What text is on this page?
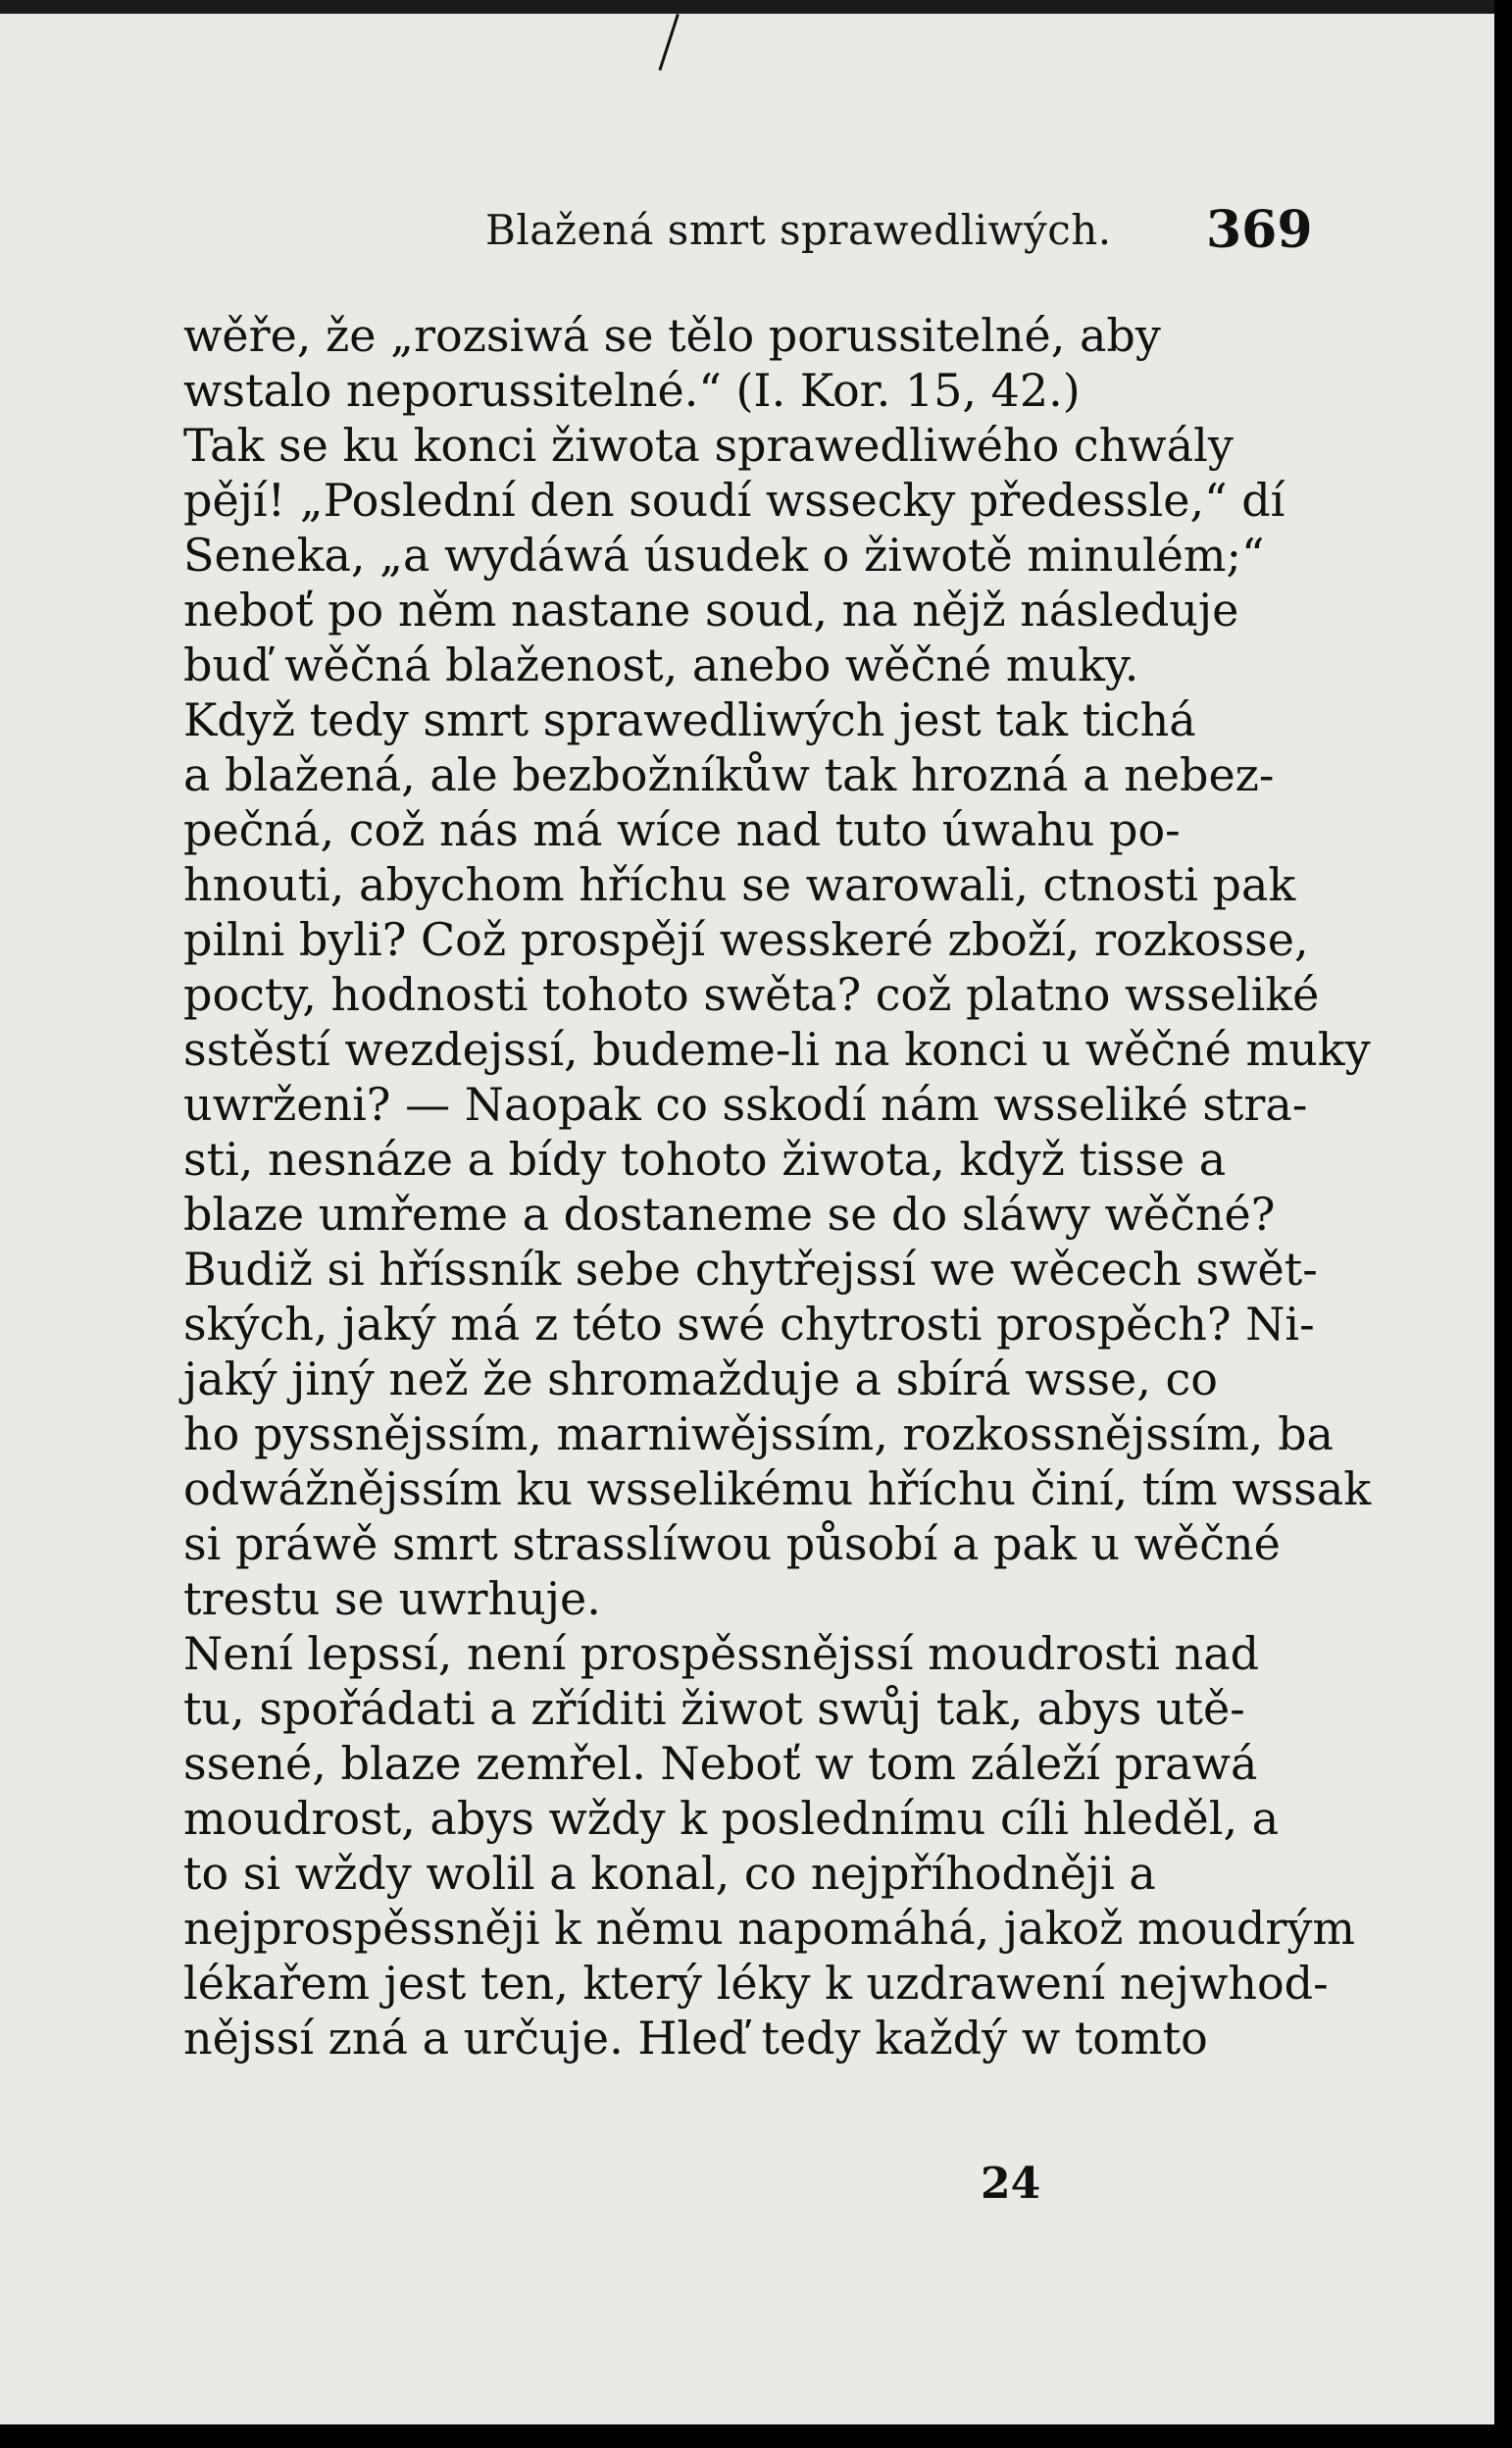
Blažená smrt sprawedliwých. 369
wěře, že „rozsiwá se tělo porussitelné, aby
wstalo neporussitelné.“ (I. Kor. 15, 42.)
Tak se ku konci žiwota sprawedliwého chwály
pějí! „Poslední den soudí wssecky předessle,“ dí
Seneka, „a wydáwá úsudek o žiwotě minulém;“
neboť po něm nastane soud, na nějž následuje
buď wěčná blaženost, anebo wěčné muky.
Když tedy smrt sprawedliwých jest tak tichá
a blažená, ale bezbožníkůw tak hrozná a nebez-
pečná, což nás má wíce nad tuto úwahu po-
hnouti, abychom hříchu se warowali, ctnosti pak
pilni byli? Což prospějí wesskeré zboží, rozkosse,
pocty, hodnosti tohoto swěta? což platno wsseliké
sstěstí wezdejssí, budeme-li na konci u wěčné muky
uwrženi? — Naopak co sskodí nám wsseliké stra-
sti, nesnáze a bídy tohoto žiwota, když tisse a
blaze umřeme a dostaneme se do sláwy wěčné?
Budiž si hříssník sebe chytřejssí we wěcech swět-
ských, jaký má z této swé chytrosti prospěch? Ni-
jaký jiný než že shromažduje a sbírá wsse, co
ho pyssnějssím, marniwějssím, rozkossnějssím, ba
odwážnějssím ku wsselikému hříchu činí, tím wssak
si práwě smrt strasslíwou působí a pak u wěčné
trestu se uwrhuje.
Není lepssí, není prospěssnějssí moudrosti nad
tu, spořádati a zříditi žiwot swůj tak, abys utě-
ssené, blaze zemřel. Neboť w tom záleží prawá
moudrost, abys wždy k poslednímu cíli hleděl, a
to si wždy wolil a konal, co nejpříhodněji a
nejprospěssněji k němu napomáhá, jakož moudrým
lékařem jest ten, který léky k uzdrawení nejwhod-
nějssí zná a určuje. Hleď tedy každý w tomto
24
